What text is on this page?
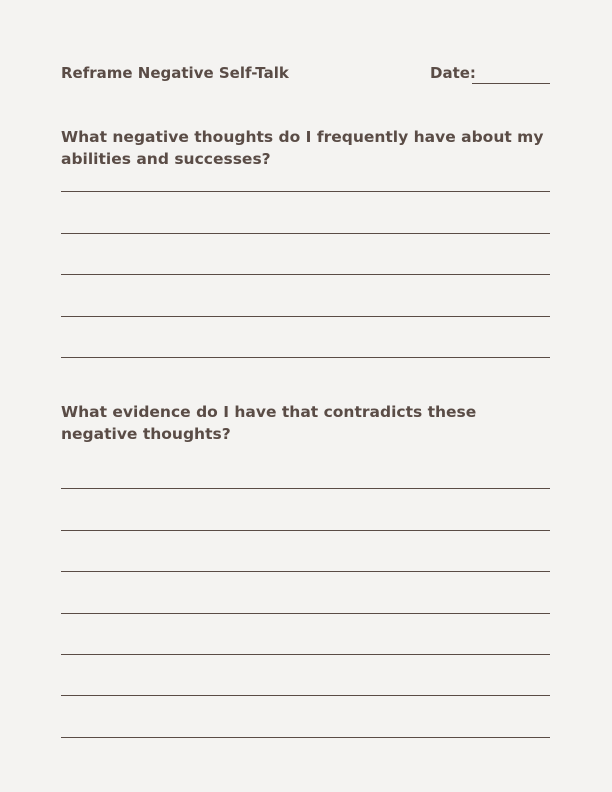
Reframe Negative Self-Talk	Date:
What negative thoughts do I frequently have about my abilities and successes?
What evidence do I have that contradicts these negative thoughts?
